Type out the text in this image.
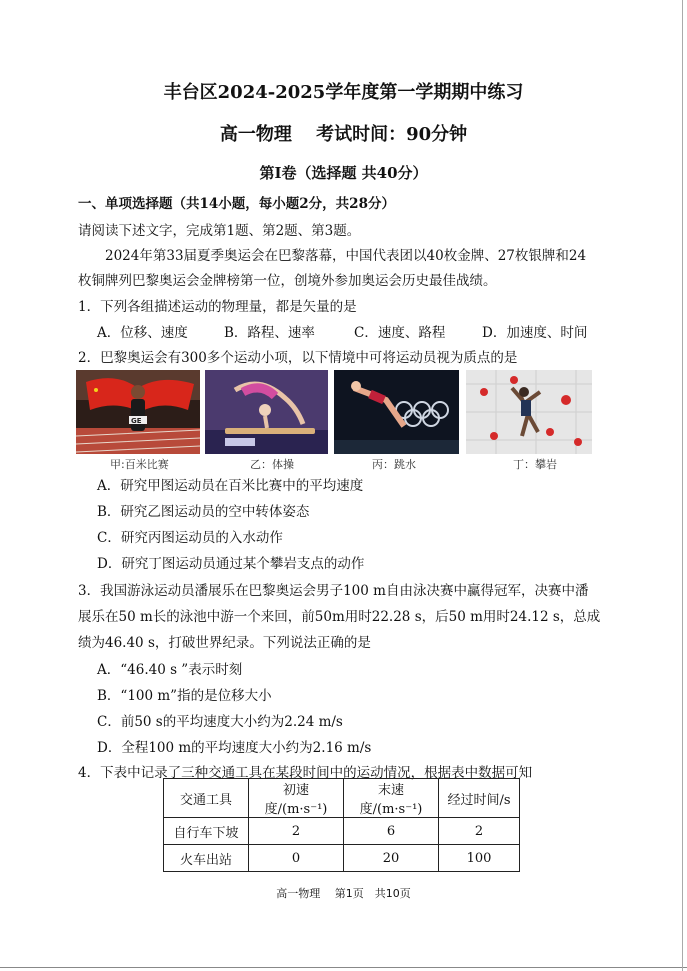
丰台区2024-2025学年度第一学期期中练习
高一物理　 考试时间：90分钟
第Ⅰ卷（选择题 共40分）
一、单项选择题（共14小题，每小题2分，共28分）
请阅读下述文字，完成第1题、第2题、第3题。
2024年第33届夏季奥运会在巴黎落幕，中国代表团以40枚金牌、27枚银牌和24
枚铜牌列巴黎奥运会金牌榜第一位，创境外参加奥运会历史最佳战绩。
1．下列各组描述运动的物理量，都是矢量的是
A．位移、速度	B．路程、速率	C．速度、路程	D．加速度、时间
2．巴黎奥运会有300多个运动小项，以下情境中可将运动员视为质点的是
GE
甲:百米比赛	乙：体操	丙：跳水	丁：攀岩
A．研究甲图运动员在百米比赛中的平均速度
B．研究乙图运动员的空中转体姿态
C．研究丙图运动员的入水动作
D．研究丁图运动员通过某个攀岩支点的动作
3．我国游泳运动员潘展乐在巴黎奥运会男子100 m自由泳决赛中赢得冠军，决赛中潘
展乐在50 m长的泳池中游一个来回，前50m用时22.28 s，后50 m用时24.12 s，总成
绩为46.40 s，打破世界纪录。下列说法正确的是
A．“46.40 s ”表示时刻
B．“100 m”指的是位移大小
C．前50 s的平均速度大小约为2.24 m/s
D．全程100 m的平均速度大小约为2.16 m/s
4．下表中记录了三种交通工具在某段时间中的运动情况，根据表中数据可知
交通工具	初速度/(m·s⁻¹)	末速度/(m·s⁻¹)	经过时间/s
自行车下坡	2	6	2
火车出站	0	20	100
高一物理　 第1页　共10页
